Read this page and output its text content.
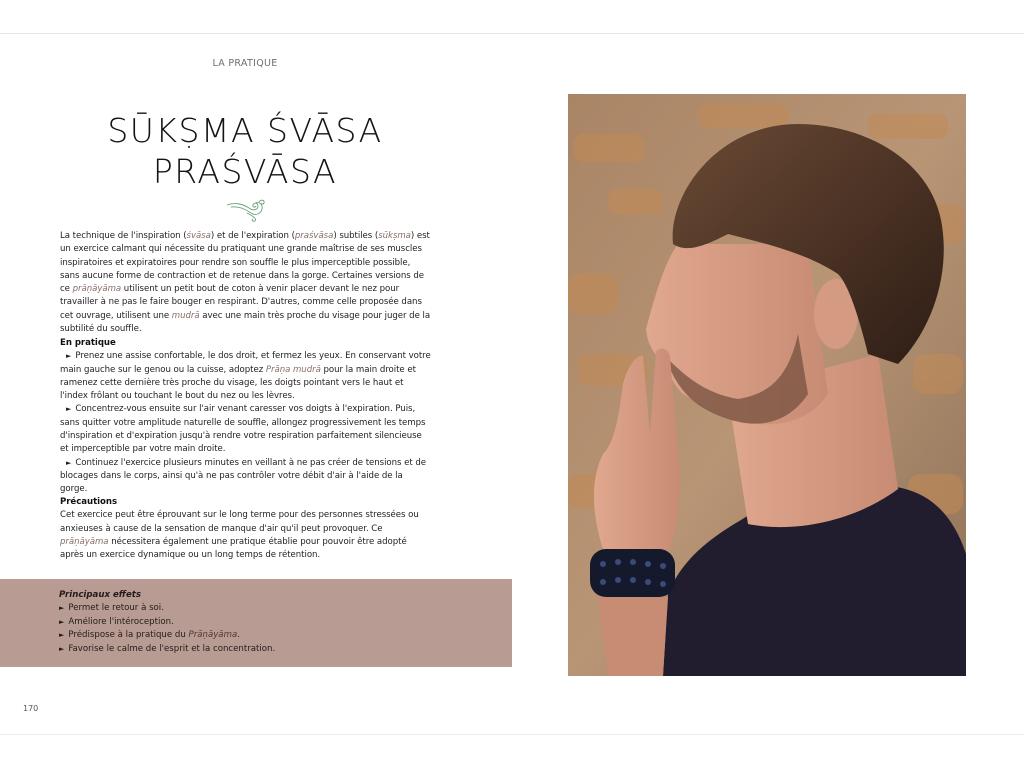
LA PRATIQUE
SŪKṢMA ŚVĀSA
PRAŚVĀSA

La technique de l'inspiration (śvāsa) et de l'expiration (praśvāsa) subtiles (sūkṣma) est un exercice calmant qui nécessite du pratiquant une grande maîtrise de ses muscles inspiratoires et expiratoires pour rendre son souffle le plus imperceptible possible, sans aucune forme de contraction et de retenue dans la gorge. Certaines versions de ce prāṇāyāma utilisent un petit bout de coton à venir placer devant le nez pour travailler à ne pas le faire bouger en respirant. D'autres, comme celle proposée dans cet ouvrage, utilisent une mudrā avec une main très proche du visage pour juger de la subtilité du souffle.

En pratique
► Prenez une assise confortable, le dos droit, et fermez les yeux. En conservant votre main gauche sur le genou ou la cuisse, adoptez Prāṇa mudrā pour la main droite et ramenez cette dernière très proche du visage, les doigts pointant vers le haut et l'index frôlant ou touchant le bout du nez ou les lèvres.
► Concentrez-vous ensuite sur l'air venant caresser vos doigts à l'expiration. Puis, sans quitter votre amplitude naturelle de souffle, allongez progressivement les temps d'inspiration et d'expiration jusqu'à rendre votre respiration parfaitement silencieuse et imperceptible par votre main droite.
► Continuez l'exercice plusieurs minutes en veillant à ne pas créer de tensions et de blocages dans le corps, ainsi qu'à ne pas contrôler votre débit d'air à l'aide de la gorge.
Précautions
Cet exercice peut être éprouvant sur le long terme pour des personnes stressées ou anxieuses à cause de la sensation de manque d'air qu'il peut provoquer. Ce prāṇāyāma nécessitera également une pratique établie pour pouvoir être adopté après un exercice dynamique ou un long temps de rétention.
Principaux effets
► Permet le retour à soi.
► Améliore l'intéroception.
► Prédispose à la pratique du Prāṇāyāma.
► Favorise le calme de l'esprit et la concentration.
170
